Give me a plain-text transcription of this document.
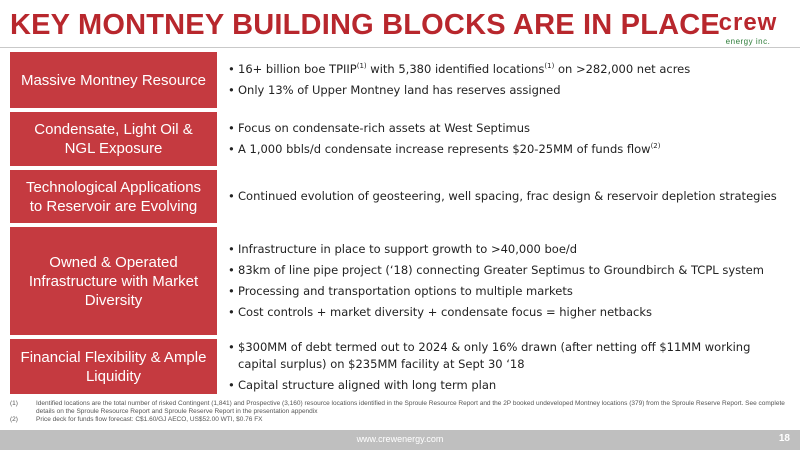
KEY MONTNEY BUILDING BLOCKS ARE IN PLACE
crew
energy inc.
Massive Montney Resource
• 16+ billion boe TPIIP$^{(1)}$ with 5,380 identified locations$^{(1)}$ on >282,000 net acres
• Only 13% of Upper Montney land has reserves assigned
Condensate, Light Oil & NGL Exposure
• Focus on condensate-rich assets at West Septimus
• A 1,000 bbls/d condensate increase represents $20-25MM of funds flow$^{(2)}$
Technological Applications to Reservoir are Evolving
• Continued evolution of geosteering, well spacing, frac design & reservoir depletion strategies
Owned & Operated Infrastructure with Market Diversity
• Infrastructure in place to support growth to >40,000 boe/d
• 83km of line pipe project (‘18) connecting Greater Septimus to Groundbirch & TCPL system
• Processing and transportation options to multiple markets
• Cost controls + market diversity + condensate focus = higher netbacks
Financial Flexibility & Ample Liquidity
• $300MM of debt termed out to 2024 & only 16% drawn (after netting off $11MM working capital surplus) on $235MM facility at Sept 30 ‘18
• Capital structure aligned with long term plan
(1)	Identified locations are the total number of risked Contingent (1,841) and Prospective (3,160) resource locations identified in the Sproule Resource Report and the 2P booked undeveloped Montney locations (379) from the Sproule Reserve Report. See complete details on the Sproule Resource Report and Sproule Reserve Report in the presentation appendix
(2)	Price deck for funds flow forecast: C$1.60/GJ AECO, US$52.00 WTI, $0.76 FX
www.crewenergy.com	18
